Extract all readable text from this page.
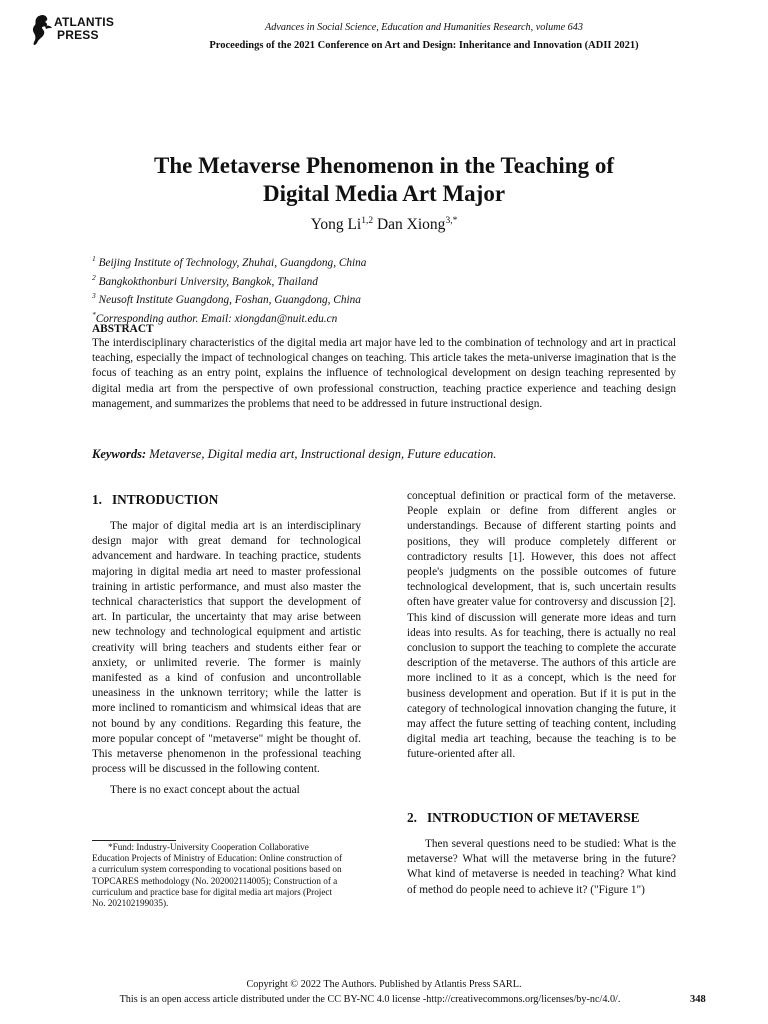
ATLANTIS
PRESS
Advances in Social Science, Education and Humanities Research, volume 643
Proceedings of the 2021 Conference on Art and Design: Inheritance and Innovation (ADII 2021)
The Metaverse Phenomenon in the Teaching of
Digital Media Art Major
Yong Li$^{1,2}$ Dan Xiong$^{3,*}$
$^1$ Beijing Institute of Technology, Zhuhai, Guangdong, China
$^2$ Bangkokthonburi University, Bangkok, Thailand
$^3$ Neusoft Institute Guangdong, Foshan, Guangdong, China
*Corresponding author. Email: xiongdan@nuit.edu.cn
ABSTRACT
The interdisciplinary characteristics of the digital media art major have led to the combination of technology and art in practical teaching, especially the impact of technological changes on teaching. This article takes the meta-universe imagination that is the focus of teaching as an entry point, explains the influence of technological development on design teaching represented by digital media art from the perspective of own professional construction, teaching practice experience and teaching design management, and summarizes the problems that need to be addressed in future instructional design.
Keywords: Metaverse, Digital media art, Instructional design, Future education.
1.   INTRODUCTION

The major of digital media art is an interdisciplinary design major with great demand for technological advancement and hardware. In teaching practice, students majoring in digital media art need to master professional training in artistic performance, and must also master the technical characteristics that support the development of art. In particular, the uncertainty that may arise between new technology and technological equipment and artistic creativity will bring teachers and students either fear or anxiety, or unlimited reverie. The former is mainly manifested as a kind of confusion and uncontrollable uneasiness in the unknown territory; while the latter is more inclined to romanticism and whimsical ideas that are not bound by any conditions. Regarding this feature, the more popular concept of "metaverse" might be thought of. This metaverse phenomenon in the professional teaching process will be discussed in the following content.

There is no exact concept about the actual

*Fund: Industry-University Cooperation Collaborative Education Projects of Ministry of Education: Online construction of a curriculum system corresponding to vocational positions based on TOPCARES methodology (No. 202002114005); Construction of a curriculum and practice base for digital media art majors (Project No. 202102199035).

conceptual definition or practical form of the metaverse. People explain or define from different angles or understandings. Because of different starting points and positions, they will produce completely different or contradictory results [1]. However, this does not affect people's judgments on the possible outcomes of future technological development, that is, such uncertain results often have greater value for controversy and discussion [2]. This kind of discussion will generate more ideas and turn ideas into results. As for teaching, there is actually no real conclusion to support the teaching to complete the accurate description of the metaverse. The authors of this article are more inclined to it as a concept, which is the need for business development and operation. But if it is put in the category of technological innovation changing the future, it may affect the future setting of teaching content, including digital media art teaching, because the teaching is to be future-oriented after all.

2.   INTRODUCTION OF METAVERSE

Then several questions need to be studied: What is the metaverse? What will the metaverse bring in the future? What kind of metaverse is needed in teaching? What kind of method do people need to achieve it? ("Figure 1")

Copyright © 2022 The Authors. Published by Atlantis Press SARL.
This is an open access article distributed under the CC BY-NC 4.0 license -http://creativecommons.org/licenses/by-nc/4.0/.	348
